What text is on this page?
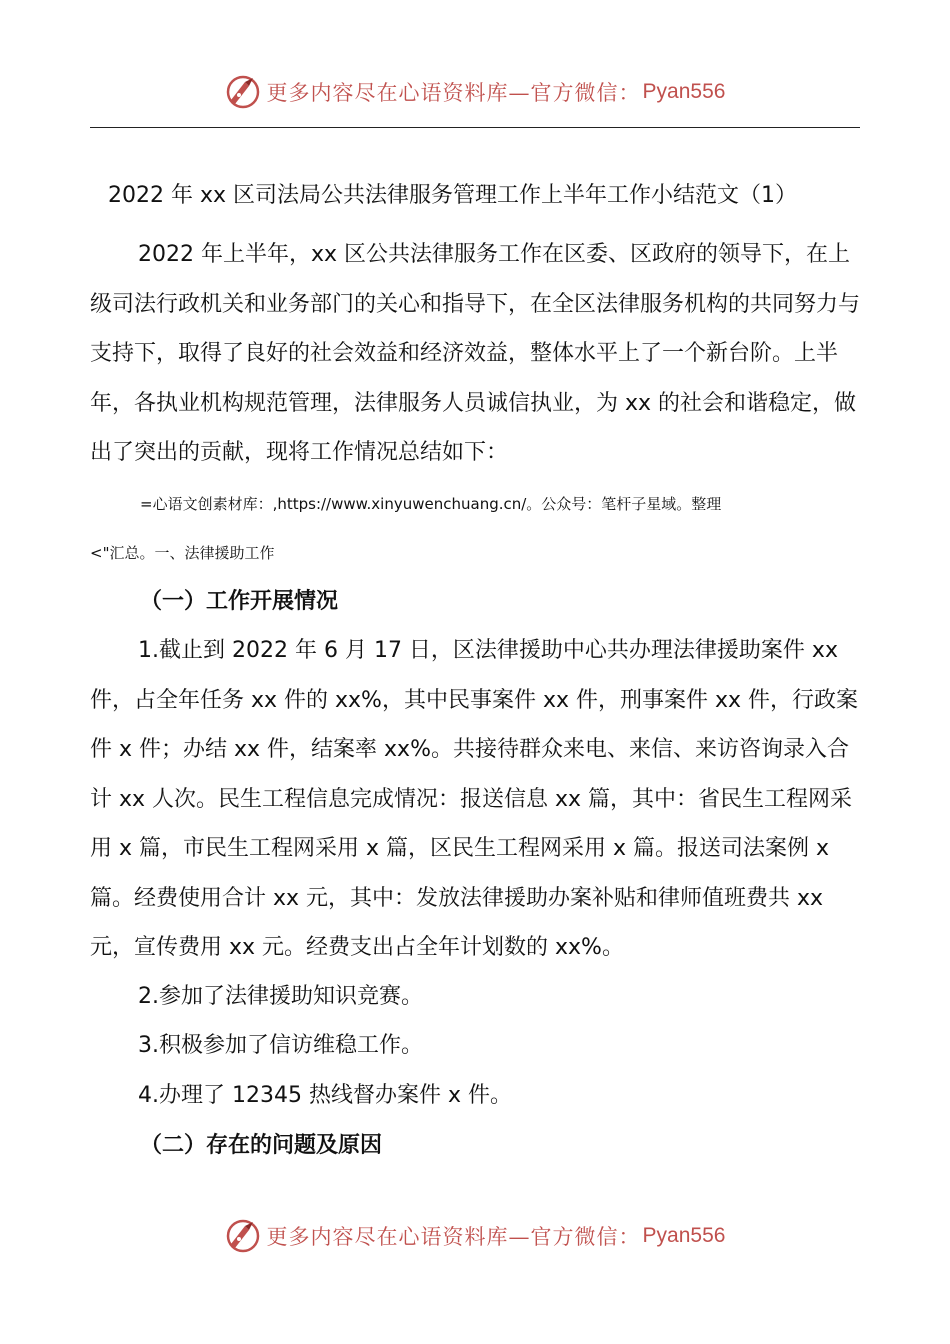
更多内容尽在心语资料库—官方微信： Pyan556
2022 年 xx 区司法局公共法律服务管理工作上半年工作小结范文（1）
2022 年上半年，xx 区公共法律服务工作在区委、区政府的领导下，在上级司法行政机关和业务部门的关心和指导下，在全区法律服务机构的共同努力与支持下，取得了良好的社会效益和经济效益，整体水平上了一个新台阶。上半年，各执业机构规范管理，法律服务人员诚信执业，为 xx 的社会和谐稳定，做出了突出的贡献，现将工作情况总结如下：
=心语文创素材库：,https://www.xinyuwenchuang.cn/。公众号：笔杆子星域。整理
<"汇总。一、法律援助工作
（一）工作开展情况
1.截止到 2022 年 6 月 17 日，区法律援助中心共办理法律援助案件 xx 件，占全年任务 xx 件的 xx%，其中民事案件 xx 件，刑事案件 xx 件，行政案件 x 件；办结 xx 件，结案率 xx%。共接待群众来电、来信、来访咨询录入合计 xx 人次。民生工程信息完成情况：报送信息 xx 篇，其中：省民生工程网采用 x 篇，市民生工程网采用 x 篇，区民生工程网采用 x 篇。报送司法案例 x 篇。经费使用合计 xx 元，其中：发放法律援助办案补贴和律师值班费共 xx 元，宣传费用 xx 元。经费支出占全年计划数的 xx%。
2.参加了法律援助知识竞赛。
3.积极参加了信访维稳工作。
4.办理了 12345 热线督办案件 x 件。
（二）存在的问题及原因
更多内容尽在心语资料库—官方微信： Pyan556
